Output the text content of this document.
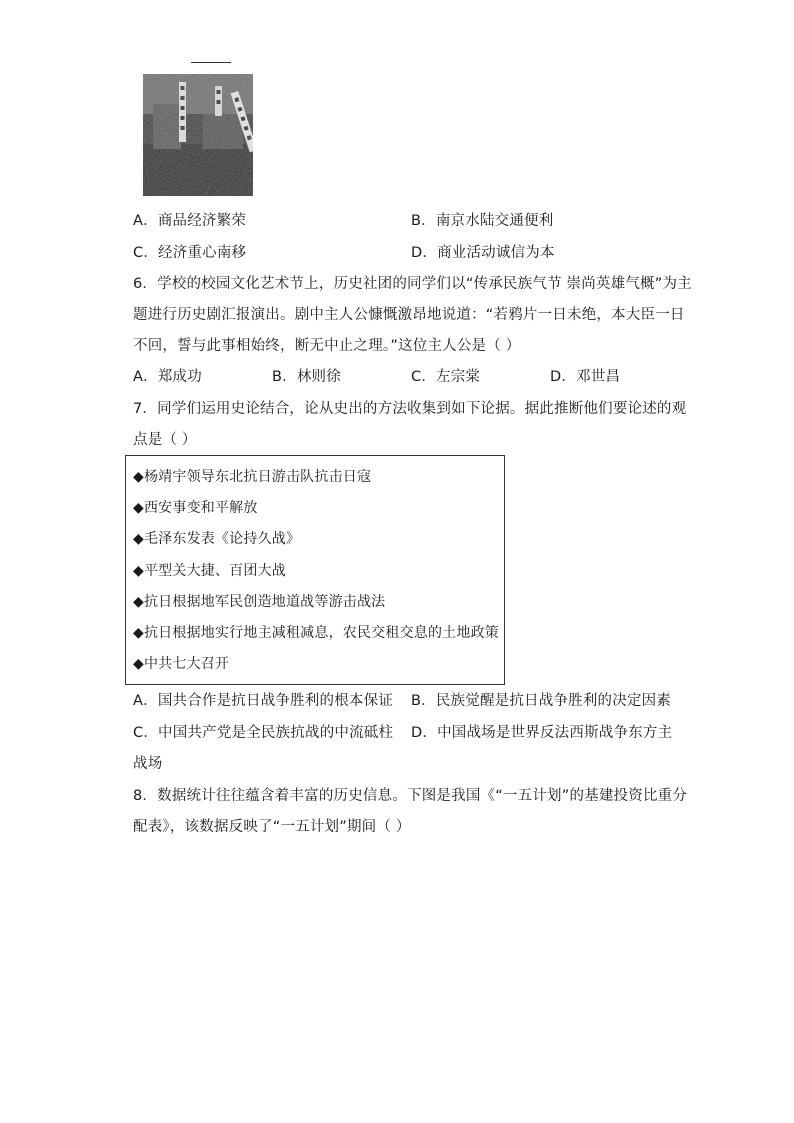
A．商品经济繁荣	B．南京水陆交通便利
C．经济重心南移	D．商业活动诚信为本
6．学校的校园文化艺术节上，历史社团的同学们以“传承民族气节 崇尚英雄气概”为主
题进行历史剧汇报演出。剧中主人公慷慨激昂地说道：“若鸦片一日未绝，本大臣一日
不回，誓与此事相始终，断无中止之理。”这位主人公是（ ）
A．郑成功	B．林则徐	C．左宗棠	D．邓世昌
7．同学们运用史论结合，论从史出的方法收集到如下论据。据此推断他们要论述的观
点是（ ）
◆杨靖宇领导东北抗日游击队抗击日寇
◆西安事变和平解放
◆毛泽东发表《论持久战》
◆平型关大捷、百团大战
◆抗日根据地军民创造地道战等游击战法
◆抗日根据地实行地主减租减息，农民交租交息的土地政策
◆中共七大召开
A．国共合作是抗日战争胜利的根本保证 B．民族觉醒是抗日战争胜利的决定因素
C．中国共产党是全民族抗战的中流砥柱 D．中国战场是世界反法西斯战争东方主
战场
8．数据统计往往蕴含着丰富的历史信息。下图是我国《“一五计划”的基建投资比重分
配表》，该数据反映了“一五计划”期间（ ）
